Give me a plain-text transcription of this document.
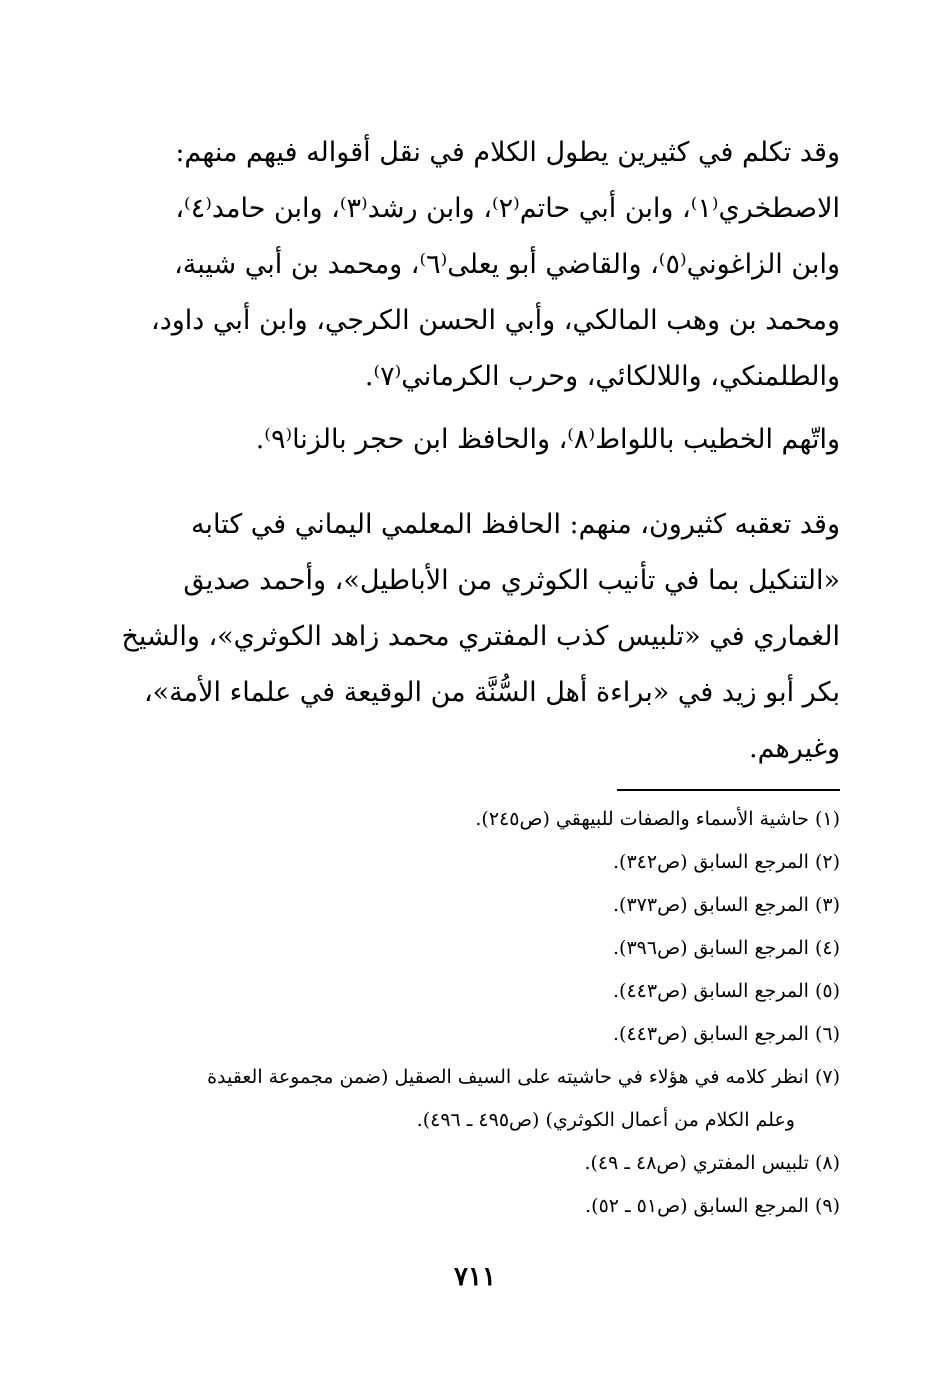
وقد تكلم في كثيرين يطول الكلام في نقل أقواله فيهم منهم:
الاصطخري⁽١⁾، وابن أبي حاتم⁽٢⁾، وابن رشد⁽٣⁾، وابن حامد⁽٤⁾،
وابن الزاغوني⁽٥⁾، والقاضي أبو يعلى⁽٦⁾، ومحمد بن أبي شيبة،
ومحمد بن وهب المالكي، وأبي الحسن الكرجي، وابن أبي داود،
والطلمنكي، واللالكائي، وحرب الكرماني⁽٧⁾.

واتّهم الخطيب باللواط⁽٨⁾، والحافظ ابن حجر بالزنا⁽٩⁾.

وقد تعقبه كثيرون، منهم: الحافظ المعلمي اليماني في كتابه
«التنكيل بما في تأنيب الكوثري من الأباطيل»، وأحمد صديق
الغماري في «تلبيس كذب المفتري محمد زاهد الكوثري»، والشيخ
بكر أبو زيد في «براءة أهل السُّنَّة من الوقيعة في علماء الأمة»،
وغيرهم.

(١) حاشية الأسماء والصفات للبيهقي (ص٢٤٥).
(٢) المرجع السابق (ص٣٤٢).
(٣) المرجع السابق (ص٣٧٣).
(٤) المرجع السابق (ص٣٩٦).
(٥) المرجع السابق (ص٤٤٣).
(٦) المرجع السابق (ص٤٤٣).
(٧) انظر كلامه في هؤلاء في حاشيته على السيف الصقيل (ضمن مجموعة العقيدة
وعلم الكلام من أعمال الكوثري) (ص٤٩٥ ـ ٤٩٦).
(٨) تلبيس المفتري (ص٤٨ ـ ٤٩).
(٩) المرجع السابق (ص٥١ ـ ٥٢).
٧١١
